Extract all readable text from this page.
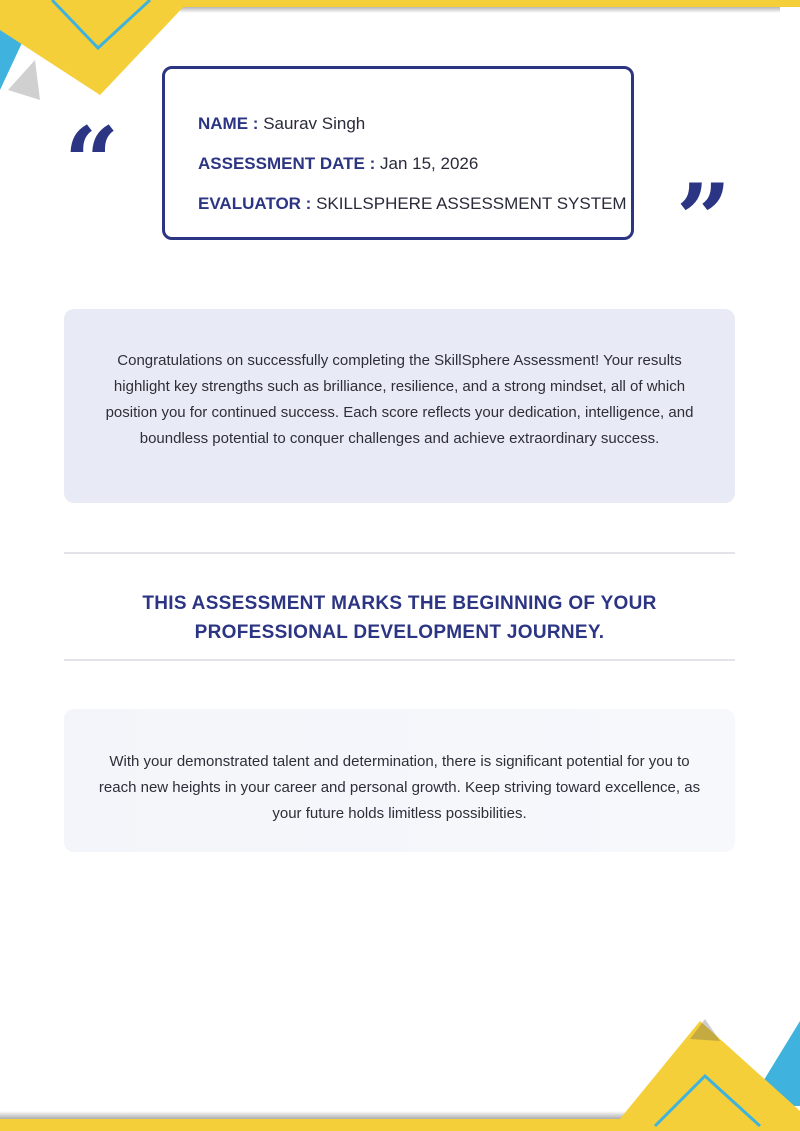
“
”
NAME : Saurav Singh
ASSESSMENT DATE : Jan 15, 2026
EVALUATOR : SKILLSPHERE ASSESSMENT SYSTEM
Congratulations on successfully completing the SkillSphere Assessment! Your results highlight key strengths such as brilliance, resilience, and a strong mindset, all of which position you for continued success. Each score reflects your dedication, intelligence, and boundless potential to conquer challenges and achieve extraordinary success.
THIS ASSESSMENT MARKS THE BEGINNING OF YOUR PROFESSIONAL DEVELOPMENT JOURNEY.
With your demonstrated talent and determination, there is significant potential for you to reach new heights in your career and personal growth. Keep striving toward excellence, as your future holds limitless possibilities.
